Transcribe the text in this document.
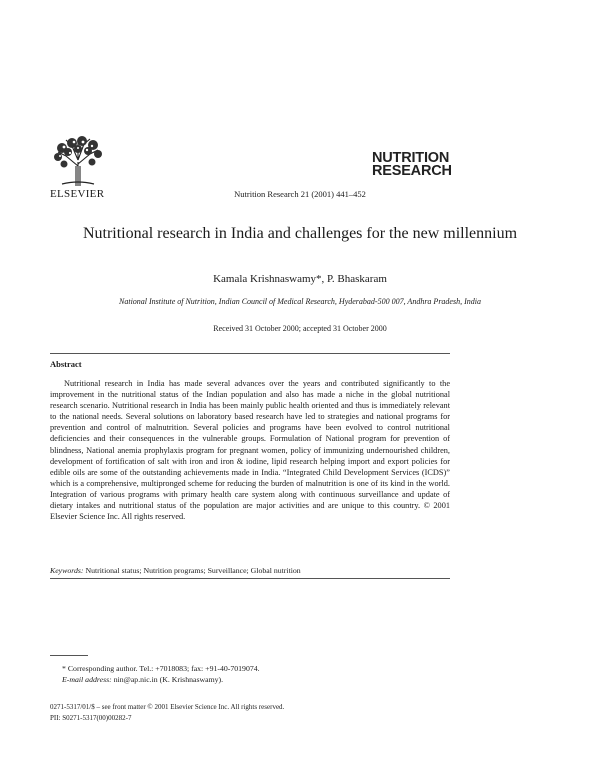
ELSEVIER
NUTRITION
RESEARCH
Nutrition Research 21 (2001) 441–452
Nutritional research in India and challenges for the new millennium
Kamala Krishnaswamy*, P. Bhaskaram
National Institute of Nutrition, Indian Council of Medical Research, Hyderabad-500 007, Andhra Pradesh, India
Received 31 October 2000; accepted 31 October 2000
Abstract
Nutritional research in India has made several advances over the years and contributed significantly to the improvement in the nutritional status of the Indian population and also has made a niche in the global nutritional research scenario. Nutritional research in India has been mainly public health oriented and thus is immediately relevant to the national needs. Several solutions on laboratory based research have led to strategies and national programs for prevention and control of malnutrition. Several policies and programs have been evolved to control nutritional deficiencies and their consequences in the vulnerable groups. Formulation of National program for prevention of blindness, National anemia prophylaxis program for pregnant women, policy of immunizing undernourished children, development of fortification of salt with iron and iron & iodine, lipid research helping import and export policies for edible oils are some of the outstanding achievements made in India. “Integrated Child Development Services (ICDS)” which is a comprehensive, multipronged scheme for reducing the burden of malnutrition is one of its kind in the world. Integration of various programs with primary health care system along with continuous surveillance and update of dietary intakes and nutritional status of the population are major activities and are unique to this country. © 2001 Elsevier Science Inc. All rights reserved.
Keywords: Nutritional status; Nutrition programs; Surveillance; Global nutrition
* Corresponding author. Tel.: +7018083; fax: +91-40-7019074.
E-mail address: nin@ap.nic.in (K. Krishnaswamy).
0271-5317/01/$ – see front matter © 2001 Elsevier Science Inc. All rights reserved.
PII: S0271-5317(00)00282-7
